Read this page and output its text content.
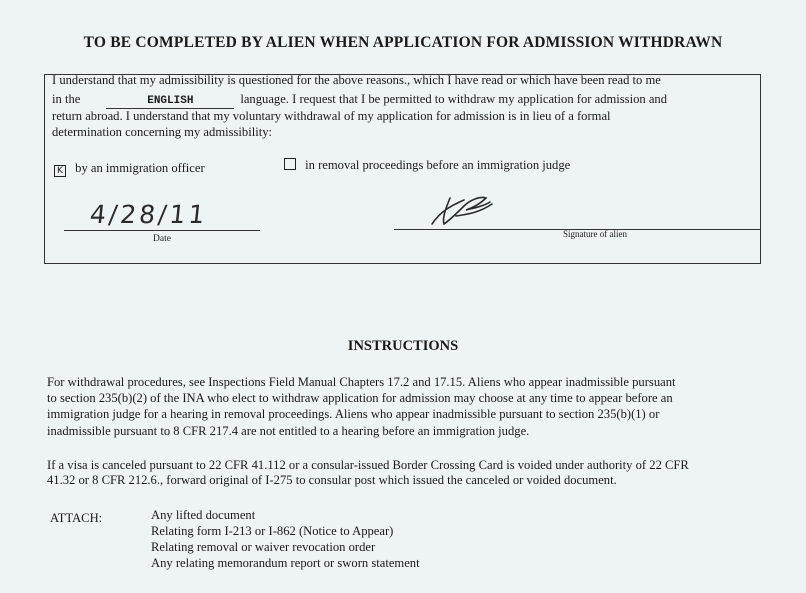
TO BE COMPLETED BY ALIEN WHEN APPLICATION FOR ADMISSION WITHDRAWN
I understand that my admissibility is questioned for the above reasons., which I have read or which have been read to me
in the	ENGLISH	language. I request that I be permitted to withdraw my application for admission and
return abroad. I understand that my voluntary withdrawal of my application for admission is in lieu of a formal
determination concerning my admissibility:
K by an immigration officer	in removal proceedings before an immigration judge
4/28/11
Date	Signature of alien
INSTRUCTIONS
For withdrawal procedures, see Inspections Field Manual Chapters 17.2 and 17.15. Aliens who appear inadmissible pursuant
to section 235(b)(2) of the INA who elect to withdraw application for admission may choose at any time to appear before an
immigration judge for a hearing in removal proceedings. Aliens who appear inadmissible pursuant to section 235(b)(1) or
inadmissible pursuant to 8 CFR 217.4 are not entitled to a hearing before an immigration judge.
If a visa is canceled pursuant to 22 CFR 41.112 or a consular-issued Border Crossing Card is voided under authority of 22 CFR
41.32 or 8 CFR 212.6., forward original of I-275 to consular post which issued the canceled or voided document.
ATTACH:	Any lifted document
Relating form I-213 or I-862 (Notice to Appear)
Relating removal or waiver revocation order
Any relating memorandum report or sworn statement
